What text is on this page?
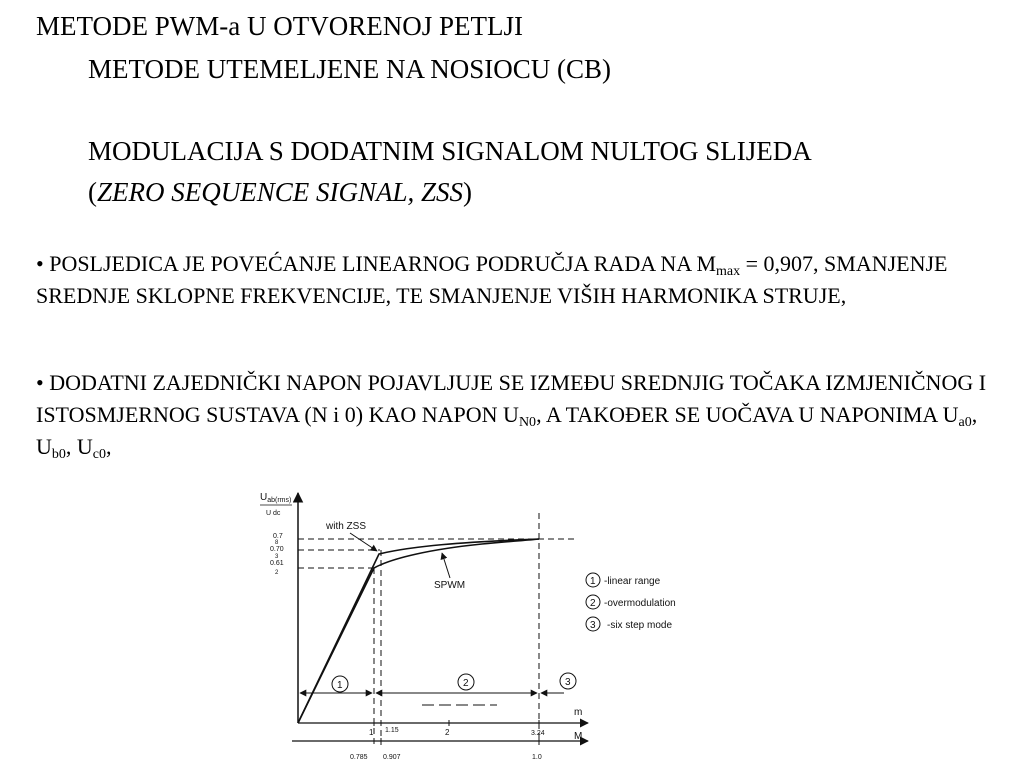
METODE PWM-a U OTVORENOJ PETLJI
METODE UTEMELJENE NA NOSIOCU (CB)
MODULACIJA S DODATNIM SIGNALOM NULTOG SLIJEDA
(ZERO SEQUENCE SIGNAL, ZSS)
• POSLJEDICA JE POVEĆANJE LINEARNOG PODRUČJA RADA NA $M_{max} = 0,907$, SMANJENJE SREDNJE SKLOPNE FREKVENCIJE, TE SMANJENJE VIŠIH HARMONIKA STRUJE,
• DODATNI ZAJEDNIČKI NAPON POJAVLJUJE SE IZMEĐU SREDNJIG TOČAKA IZMJENIČNOG I ISTOSMJERNOG SUSTAVA (N i 0) KAO NAPON $U_{N0}$, A TAKOĐER SE UOČAVA U NAPONIMA $U_{a0}$, $U_{b0}$, $U_{c0}$,
$U_{ab(rms)}$
U dc
0.7
8
0.70
3
0.61
2
with ZSS
SPWM
1	2	3
1 1.15	2	3.24
m
0.785 0.907	1.0
M
1 -linear range
2 -overmodulation
3 -six step mode
